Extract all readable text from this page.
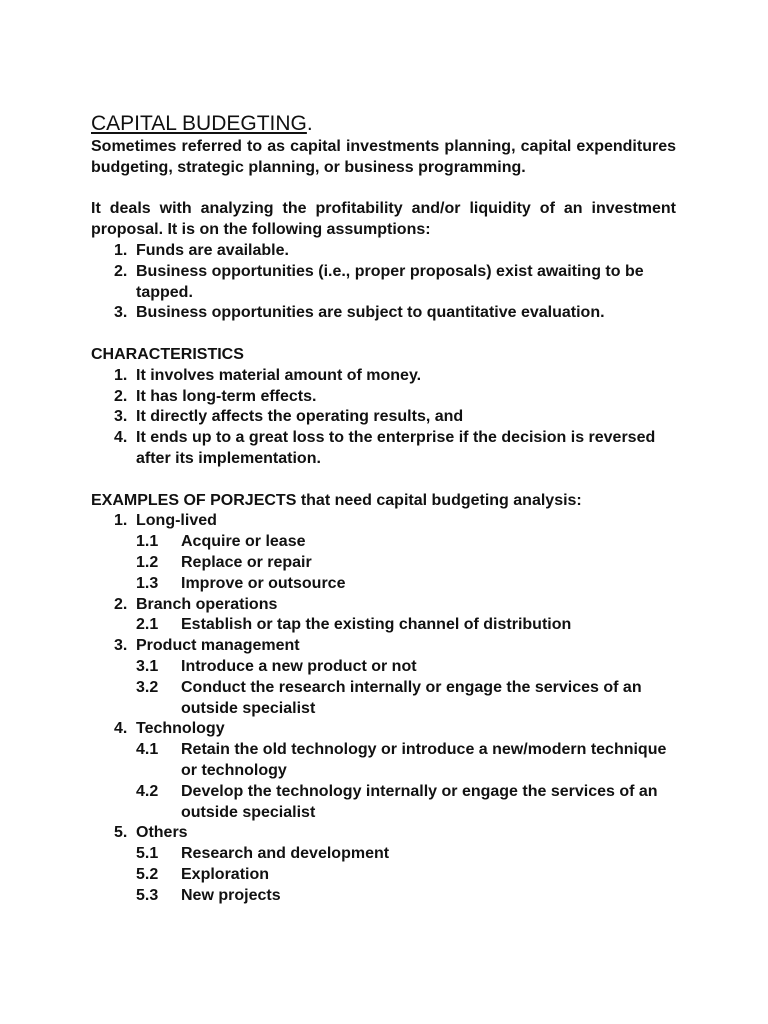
CAPITAL BUDEGTING.
Sometimes referred to as capital investments planning, capital expenditures budgeting, strategic planning, or business programming.
It deals with analyzing the profitability and/or liquidity of an investment proposal. It is on the following assumptions:
1. Funds are available.
2. Business opportunities (i.e., proper proposals) exist awaiting to be tapped.
3. Business opportunities are subject to quantitative evaluation.
CHARACTERISTICS
1. It involves material amount of money.
2. It has long-term effects.
3. It directly affects the operating results, and
4. It ends up to a great loss to the enterprise if the decision is reversed after its implementation.
EXAMPLES OF PORJECTS that need capital budgeting analysis:
1. Long-lived
1.1	Acquire or lease
1.2	Replace or repair
1.3	Improve or outsource
2. Branch operations
2.1	Establish or tap the existing channel of distribution
3. Product management
3.1	Introduce a new product or not
3.2	Conduct the research internally or engage the services of an outside specialist
4. Technology
4.1	Retain the old technology or introduce a new/modern technique or technology
4.2	Develop the technology internally or engage the services of an outside specialist
5. Others
5.1	Research and development
5.2	Exploration
5.3	New projects
